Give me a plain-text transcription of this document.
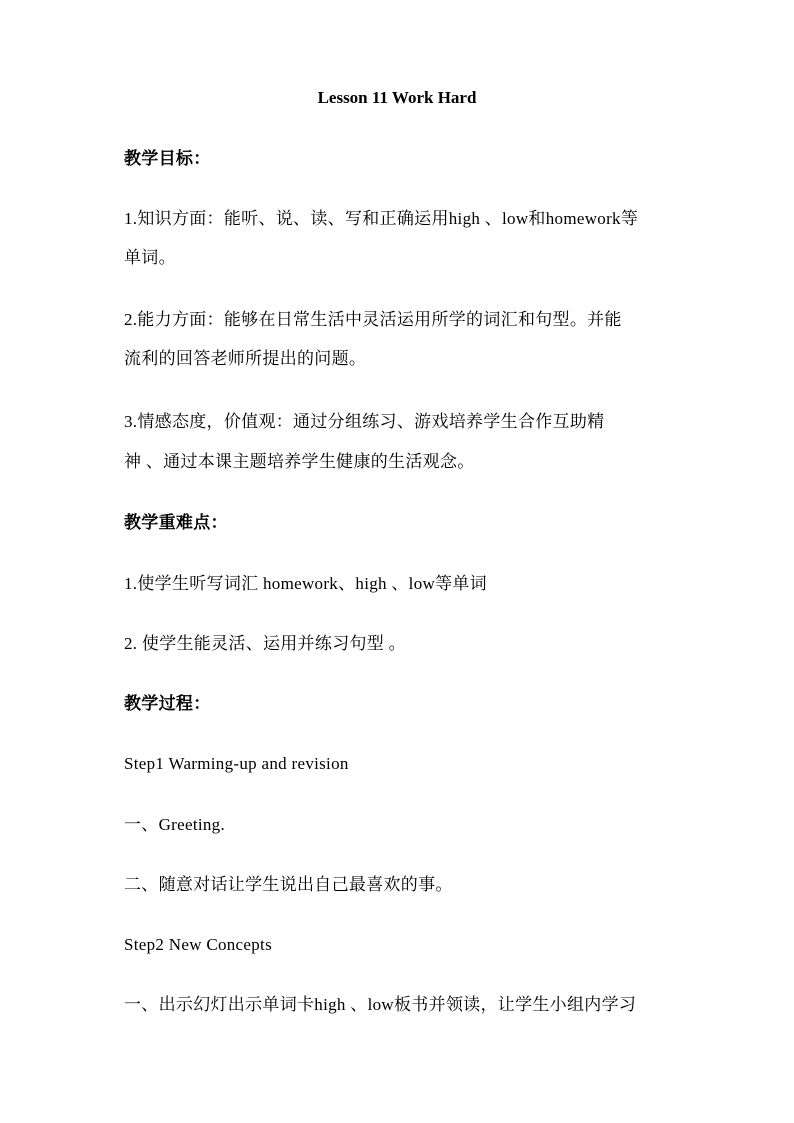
Lesson 11 Work Hard
教学目标：
1.知识方面：能听、说、读、写和正确运用high 、low和homework等
单词。
2.能力方面：能够在日常生活中灵活运用所学的词汇和句型。并能
流利的回答老师所提出的问题。
3.情感态度，价值观：通过分组练习、游戏培养学生合作互助精
神 、通过本课主题培养学生健康的生活观念。
教学重难点：
1.使学生听写词汇 homework、high 、low等单词
2. 使学生能灵活、运用并练习句型 。
教学过程：
Step1 Warming-up and revision
一、Greeting.
二、随意对话让学生说出自己最喜欢的事。
Step2 New Concepts
一、出示幻灯出示单词卡high 、low板书并领读，让学生小组内学习
